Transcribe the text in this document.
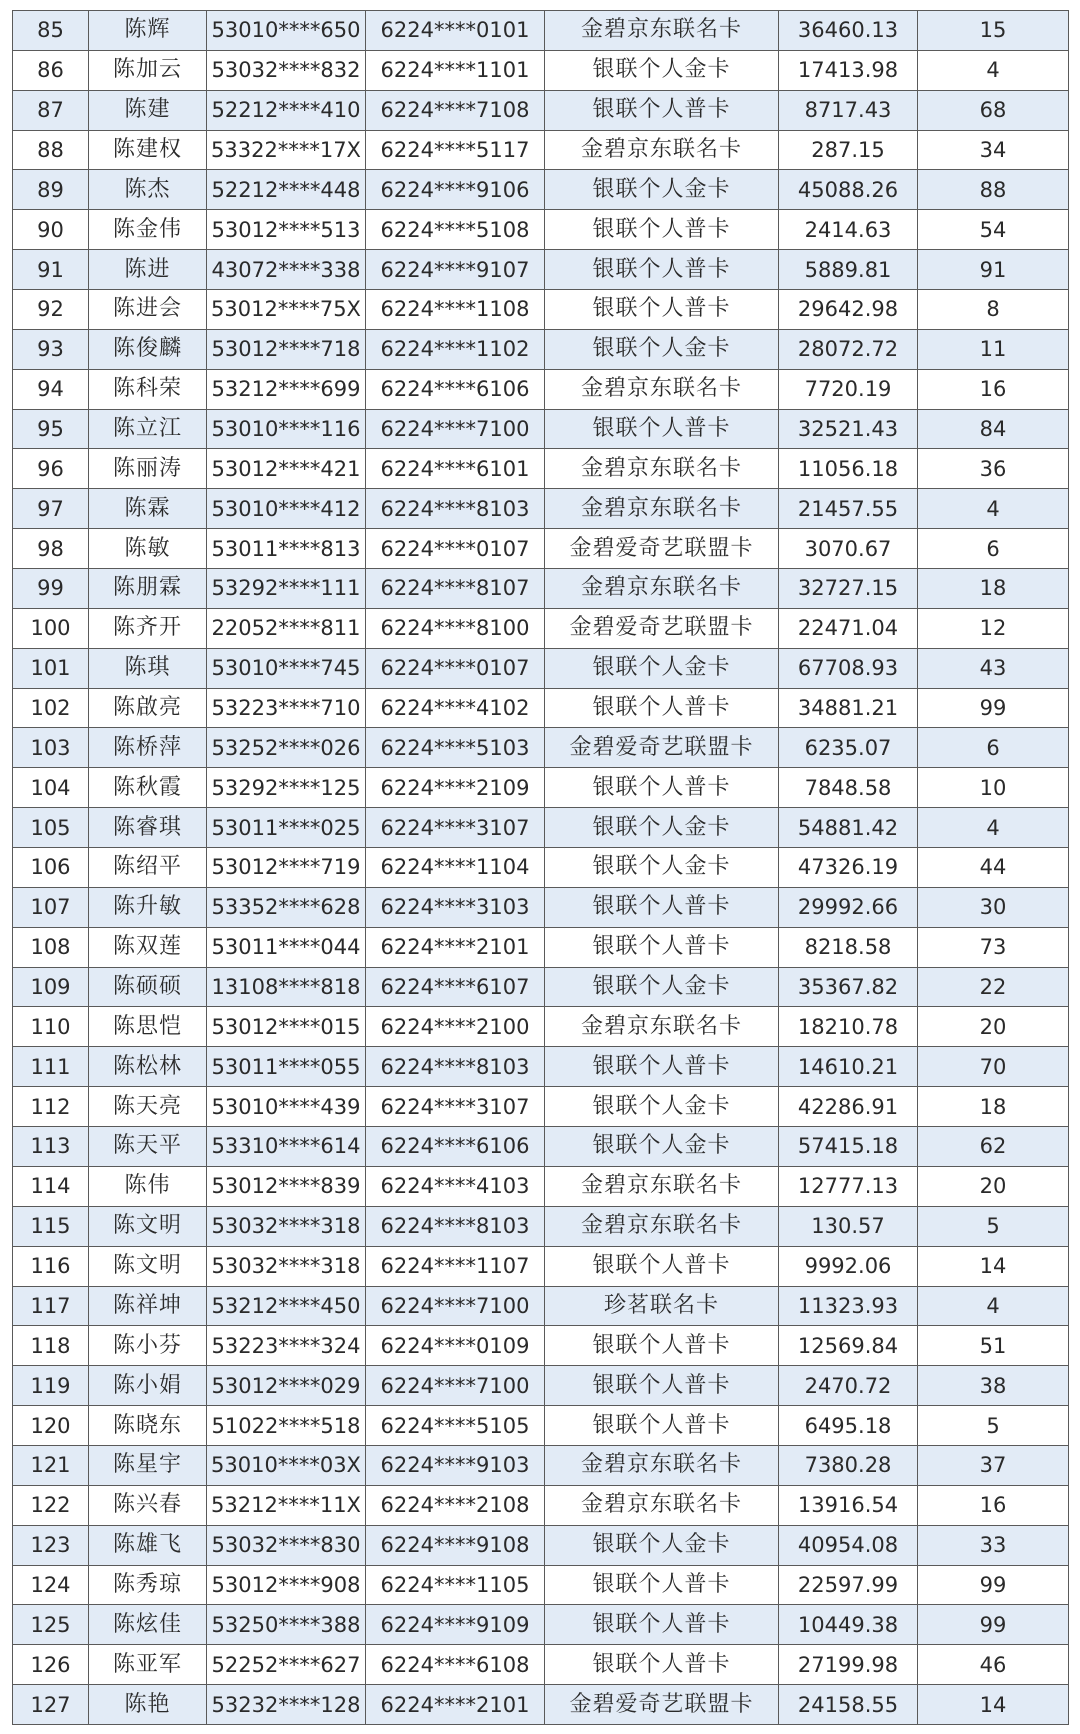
85	陈辉	53010****650	6224****0101	金碧京东联名卡	36460.13	15
86	陈加云	53032****832	6224****1101	银联个人金卡	17413.98	4
87	陈建	52212****410	6224****7108	银联个人普卡	8717.43	68
88	陈建权	53322****17X	6224****5117	金碧京东联名卡	287.15	34
89	陈杰	52212****448	6224****9106	银联个人金卡	45088.26	88
90	陈金伟	53012****513	6224****5108	银联个人普卡	2414.63	54
91	陈进	43072****338	6224****9107	银联个人普卡	5889.81	91
92	陈进会	53012****75X	6224****1108	银联个人普卡	29642.98	8
93	陈俊麟	53012****718	6224****1102	银联个人金卡	28072.72	11
94	陈科荣	53212****699	6224****6106	金碧京东联名卡	7720.19	16
95	陈立江	53010****116	6224****7100	银联个人普卡	32521.43	84
96	陈丽涛	53012****421	6224****6101	金碧京东联名卡	11056.18	36
97	陈霖	53010****412	6224****8103	金碧京东联名卡	21457.55	4
98	陈敏	53011****813	6224****0107	金碧爱奇艺联盟卡	3070.67	6
99	陈朋霖	53292****111	6224****8107	金碧京东联名卡	32727.15	18
100	陈齐开	22052****811	6224****8100	金碧爱奇艺联盟卡	22471.04	12
101	陈琪	53010****745	6224****0107	银联个人金卡	67708.93	43
102	陈啟亮	53223****710	6224****4102	银联个人普卡	34881.21	99
103	陈桥萍	53252****026	6224****5103	金碧爱奇艺联盟卡	6235.07	6
104	陈秋霞	53292****125	6224****2109	银联个人普卡	7848.58	10
105	陈睿琪	53011****025	6224****3107	银联个人金卡	54881.42	4
106	陈绍平	53012****719	6224****1104	银联个人金卡	47326.19	44
107	陈升敏	53352****628	6224****3103	银联个人普卡	29992.66	30
108	陈双莲	53011****044	6224****2101	银联个人普卡	8218.58	73
109	陈硕硕	13108****818	6224****6107	银联个人金卡	35367.82	22
110	陈思恺	53012****015	6224****2100	金碧京东联名卡	18210.78	20
111	陈松林	53011****055	6224****8103	银联个人普卡	14610.21	70
112	陈天亮	53010****439	6224****3107	银联个人金卡	42286.91	18
113	陈天平	53310****614	6224****6106	银联个人金卡	57415.18	62
114	陈伟	53012****839	6224****4103	金碧京东联名卡	12777.13	20
115	陈文明	53032****318	6224****8103	金碧京东联名卡	130.57	5
116	陈文明	53032****318	6224****1107	银联个人普卡	9992.06	14
117	陈祥坤	53212****450	6224****7100	珍茗联名卡	11323.93	4
118	陈小芬	53223****324	6224****0109	银联个人普卡	12569.84	51
119	陈小娟	53012****029	6224****7100	银联个人普卡	2470.72	38
120	陈晓东	51022****518	6224****5105	银联个人普卡	6495.18	5
121	陈星宇	53010****03X	6224****9103	金碧京东联名卡	7380.28	37
122	陈兴春	53212****11X	6224****2108	金碧京东联名卡	13916.54	16
123	陈雄飞	53032****830	6224****9108	银联个人金卡	40954.08	33
124	陈秀琼	53012****908	6224****1105	银联个人普卡	22597.99	99
125	陈炫佳	53250****388	6224****9109	银联个人普卡	10449.38	99
126	陈亚军	52252****627	6224****6108	银联个人普卡	27199.98	46
127	陈艳	53232****128	6224****2101	金碧爱奇艺联盟卡	24158.55	14
